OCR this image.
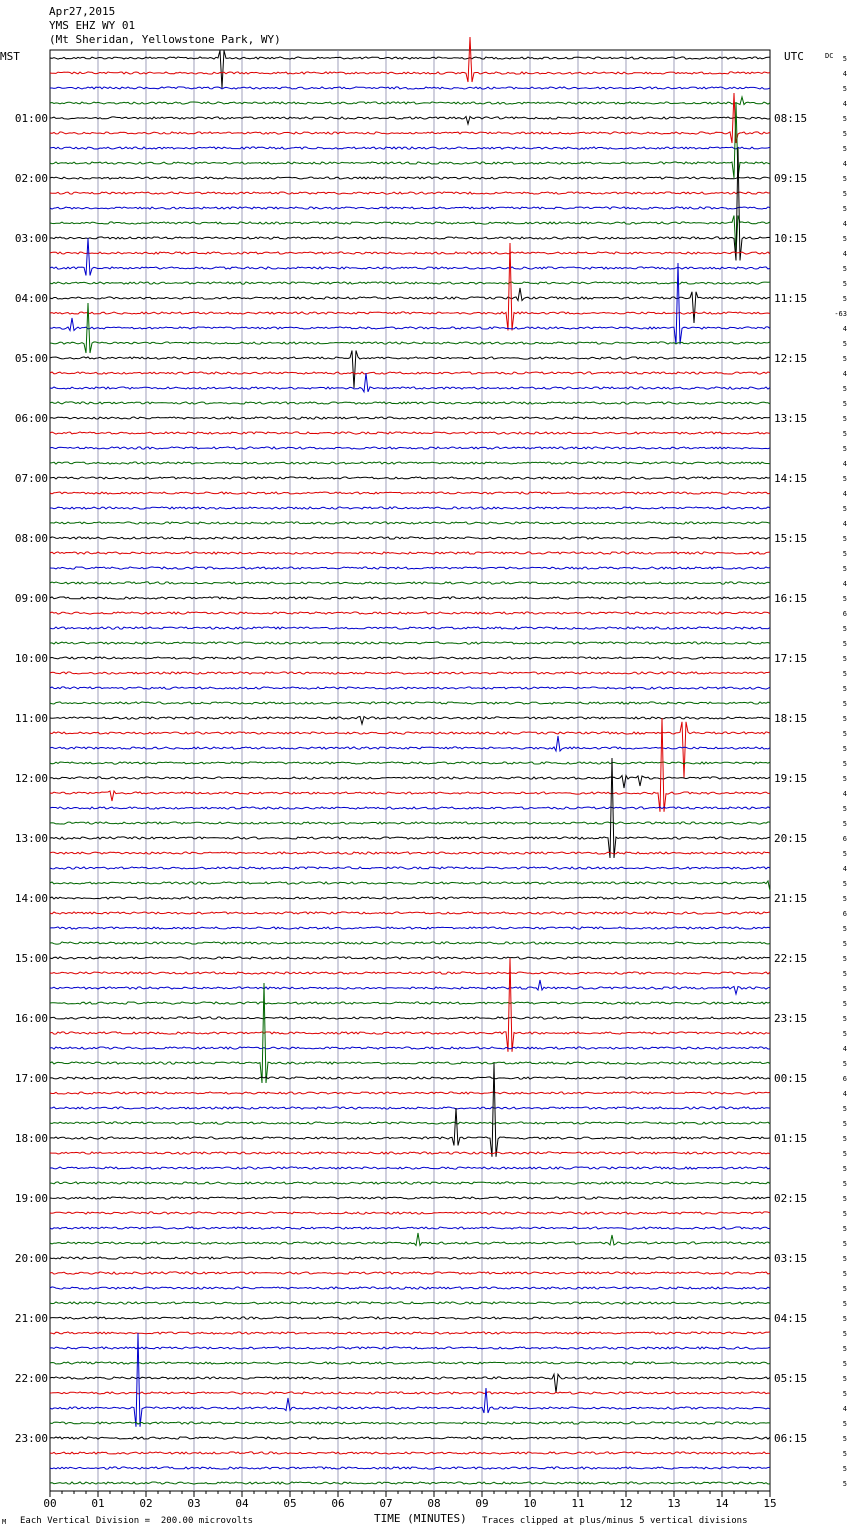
Apr27,2015
YMS EHZ WY 01
(Mt Sheridan, Yellowstone Park, WY)
MST	UTC	DC
01:00	08:15
02:00	09:15
03:00	10:15
04:00	11:15
05:00	12:15
06:00	13:15
07:00	14:15
08:00	15:15
09:00	16:15
10:00	17:15
11:00	18:15
12:00	19:15
13:00	20:15
14:00	21:15
15:00	22:15
16:00	23:15
17:00	00:15
18:00	01:15
19:00	02:15
20:00	03:15
21:00	04:15
22:00	05:15
23:00	06:15
5
4
5
4
5
5
5
4
5
5
5
4
5
4
5
5
5
-63
4
5
5
4
5
5
5
5
5
4
5
4
5
4
5
5
5
4
5
6
5
5
5
5
5
5
5
5
5
5
5
4
5
5
6
5
4
5
5
6
5
5
5
5
5
5
5
5
4
5
6
4
5
5
5
5
5
5
5
5
5
5
5
5
5
5
5
5
5
5
5
5
4
5
5
5
5
5
00	01	02	03	04	05	06	07	08	09	10	11	12	13	14	15
M Each Vertical Division =  200.00 microvolts	TIME (MINUTES) Traces clipped at plus/minus 5 vertical divisions
